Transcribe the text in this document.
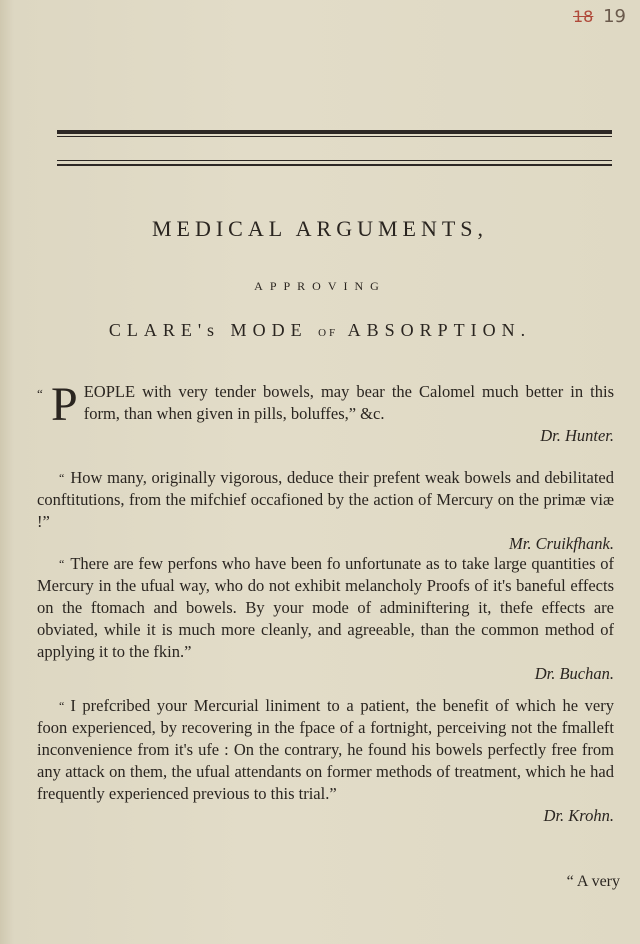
18 19
MEDICAL ARGUMENTS,
APPROVING
CLARE's MODE OF ABSORPTION.
“ P EOPLE with very tender bowels, may bear the Calomel much better in this form, than when given in pills, boluffes,” &c.
Dr. Hunter.
“ How many, originally vigorous, deduce their prefent weak bowels and debilitated conftitutions, from the mifchief occafioned by the action of Mercury on the primæ viæ !”
Mr. Cruikfhank.
“ There are few perfons who have been fo unfortunate as to take large quantities of Mercury in the ufual way, who do not exhibit melancholy Proofs of it's baneful effects on the ftomach and bowels. By your mode of adminiftering it, thefe effects are obviated, while it is much more cleanly, and agreeable, than the common method of applying it to the fkin.”
Dr. Buchan.
“ I prefcribed your Mercurial liniment to a patient, the benefit of which he very foon experienced, by recovering in the fpace of a fortnight, perceiving not the fmalleft inconvenience from it's ufe : On the contrary, he found his bowels perfectly free from any attack on them, the ufual attendants on former methods of treatment, which he had frequently experienced previous to this trial.”
Dr. Krohn.
“ A very
